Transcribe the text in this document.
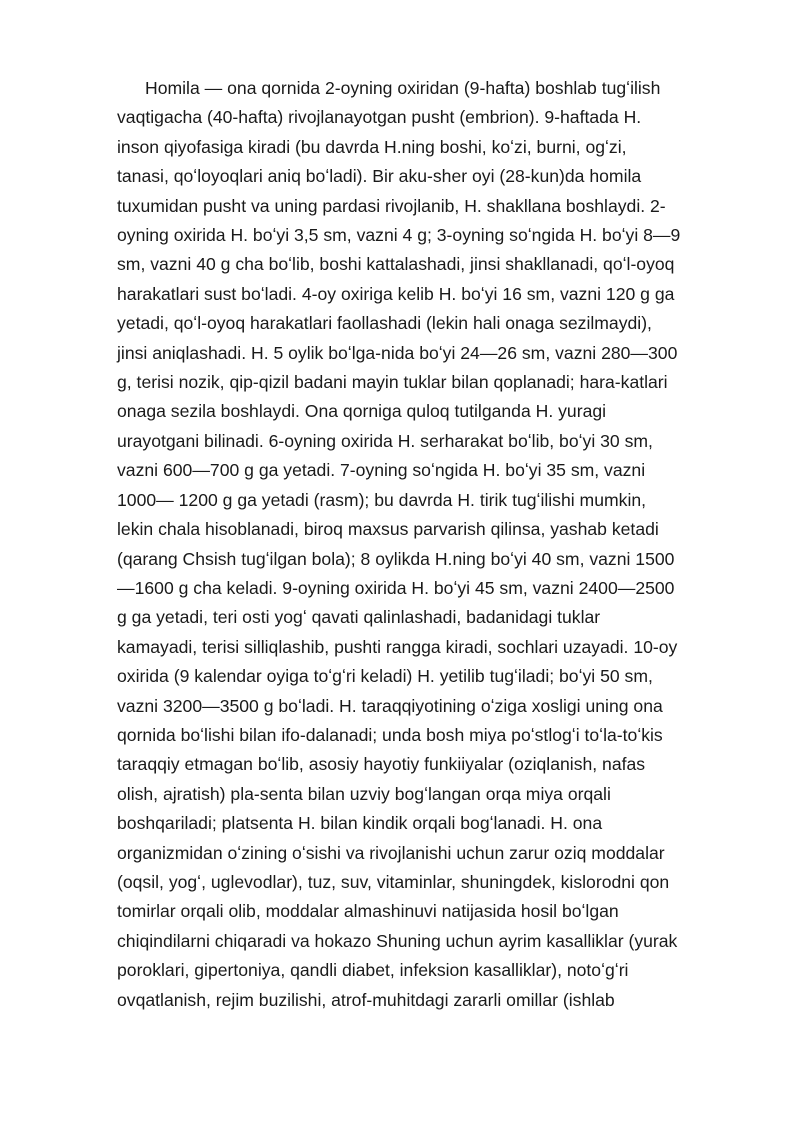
Homila — ona qornida 2-oyning oxiridan (9-hafta) boshlab tugʻilish
vaqtigacha (40-hafta) rivojlanayotgan pusht (embrion). 9-haftada H.
inson qiyofasiga kiradi (bu davrda H.ning boshi, koʻzi, burni, ogʻzi,
tanasi, qoʻloyoqlari aniq boʻladi). Bir aku-sher oyi (28-kun)da homila
tuxumidan pusht va uning pardasi rivojlanib, H. shakllana boshlaydi. 2-
oyning oxirida H. boʻyi 3,5 sm, vazni 4 g; 3-oyning soʻngida H. boʻyi 8—9
sm, vazni 40 g cha boʻlib, boshi kattalashadi, jinsi shakllanadi, qoʻl-oyoq
harakatlari sust boʻladi. 4-oy oxiriga kelib H. boʻyi 16 sm, vazni 120 g ga
yetadi, qoʻl-oyoq harakatlari faollashadi (lekin hali onaga sezilmaydi),
jinsi aniqlashadi. H. 5 oylik boʻlga-nida boʻyi 24—26 sm, vazni 280—300
g, terisi nozik, qip-qizil badani mayin tuklar bilan qoplanadi; hara-katlari
onaga sezila boshlaydi. Ona qorniga quloq tutilganda H. yuragi
urayotgani bilinadi. 6-oyning oxirida H. serharakat boʻlib, boʻyi 30 sm,
vazni 600—700 g ga yetadi. 7-oyning soʻngida H. boʻyi 35 sm, vazni
1000— 1200 g ga yetadi (rasm); bu davrda H. tirik tugʻilishi mumkin,
lekin chala hisoblanadi, biroq maxsus parvarish qilinsa, yashab ketadi
(qarang Chsish tugʻilgan bola); 8 oylikda H.ning boʻyi 40 sm, vazni 1500
—1600 g cha keladi. 9-oyning oxirida H. boʻyi 45 sm, vazni 2400—2500
g ga yetadi, teri osti yogʻ qavati qalinlashadi, badanidagi tuklar
kamayadi, terisi silliqlashib, pushti rangga kiradi, sochlari uzayadi. 10-oy
oxirida (9 kalendar oyiga toʻgʻri keladi) H. yetilib tugʻiladi; boʻyi 50 sm,
vazni 3200—3500 g boʻladi. H. taraqqiyotining oʻziga xosligi uning ona
qornida boʻlishi bilan ifo-dalanadi; unda bosh miya poʻstlogʻi toʻla-toʻkis
taraqqiy etmagan boʻlib, asosiy hayotiy funkiiyalar (oziqlanish, nafas
olish, ajratish) pla-senta bilan uzviy bogʻlangan orqa miya orqali
boshqariladi; platsenta H. bilan kindik orqali bogʻlanadi. H. ona
organizmidan oʻzining oʻsishi va rivojlanishi uchun zarur oziq moddalar
(oqsil, yogʻ, uglevodlar), tuz, suv, vitaminlar, shuningdek, kislorodni qon
tomirlar orqali olib, moddalar almashinuvi natijasida hosil boʻlgan
chiqindilarni chiqaradi va hokazo Shuning uchun ayrim kasalliklar (yurak
poroklari, gipertoniya, qandli diabet, infeksion kasalliklar), notoʻgʻri
ovqatlanish, rejim buzilishi, atrof-muhitdagi zararli omillar (ishlab
